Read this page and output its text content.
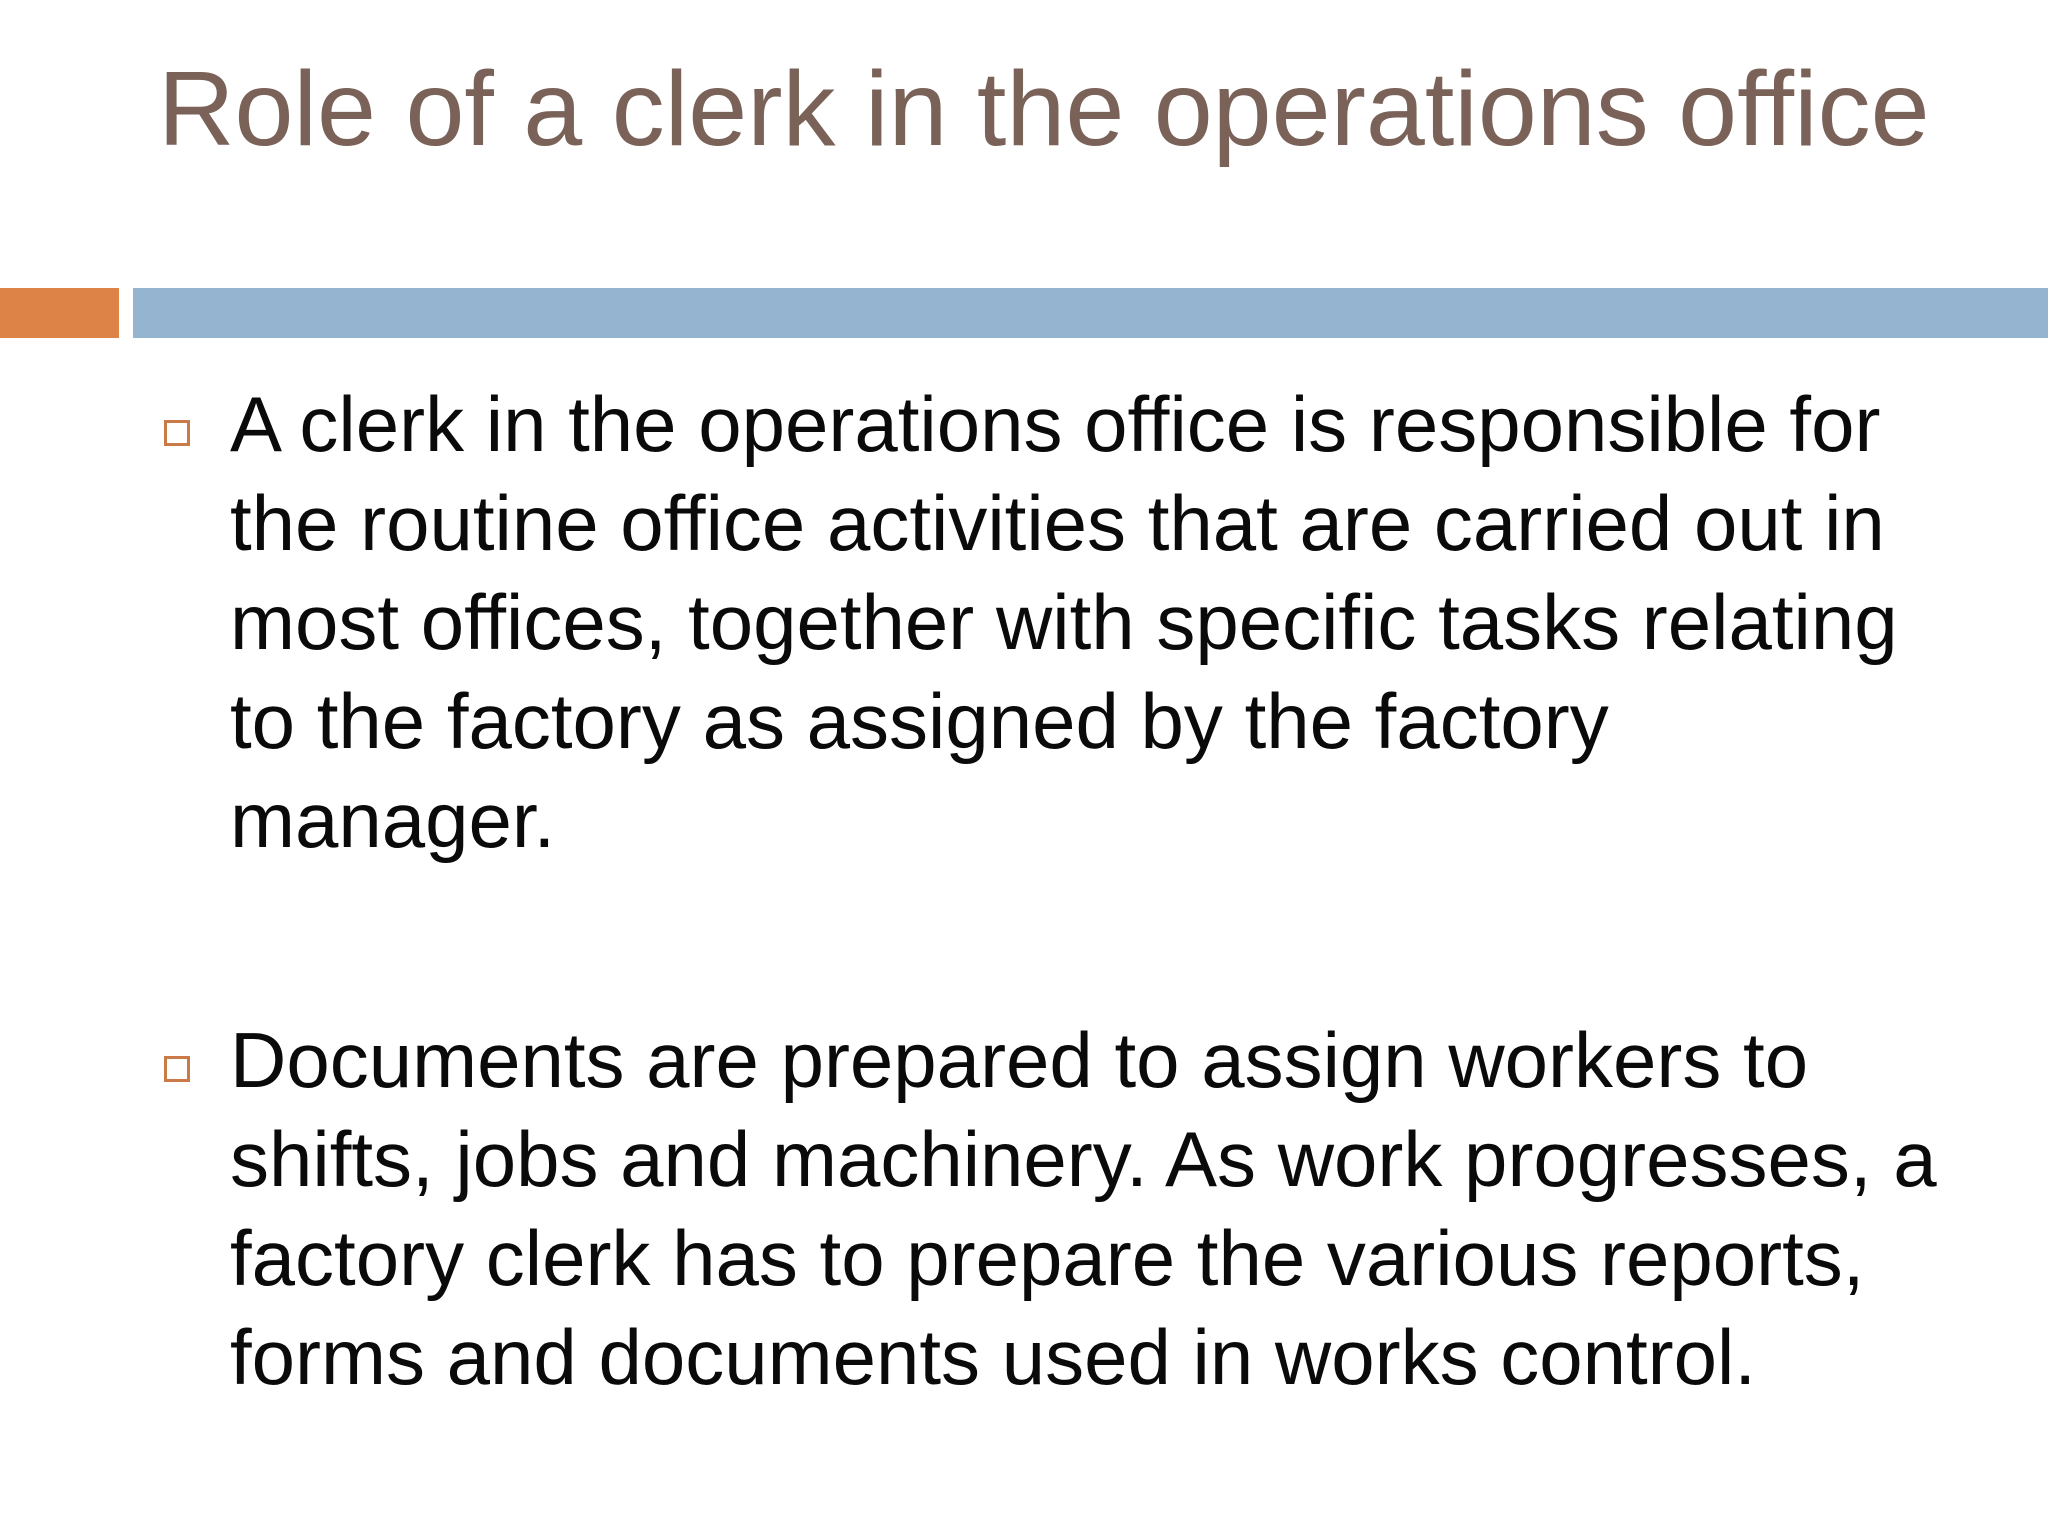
Role of a clerk in the operations office
A clerk in the operations office is responsible for the routine office activities that are carried out in most offices, together with specific tasks relating to the factory as assigned by the factory manager.
Documents are prepared to assign workers to shifts, jobs and machinery. As work progresses, a factory clerk has to prepare the various reports, forms and documents used in works control.
